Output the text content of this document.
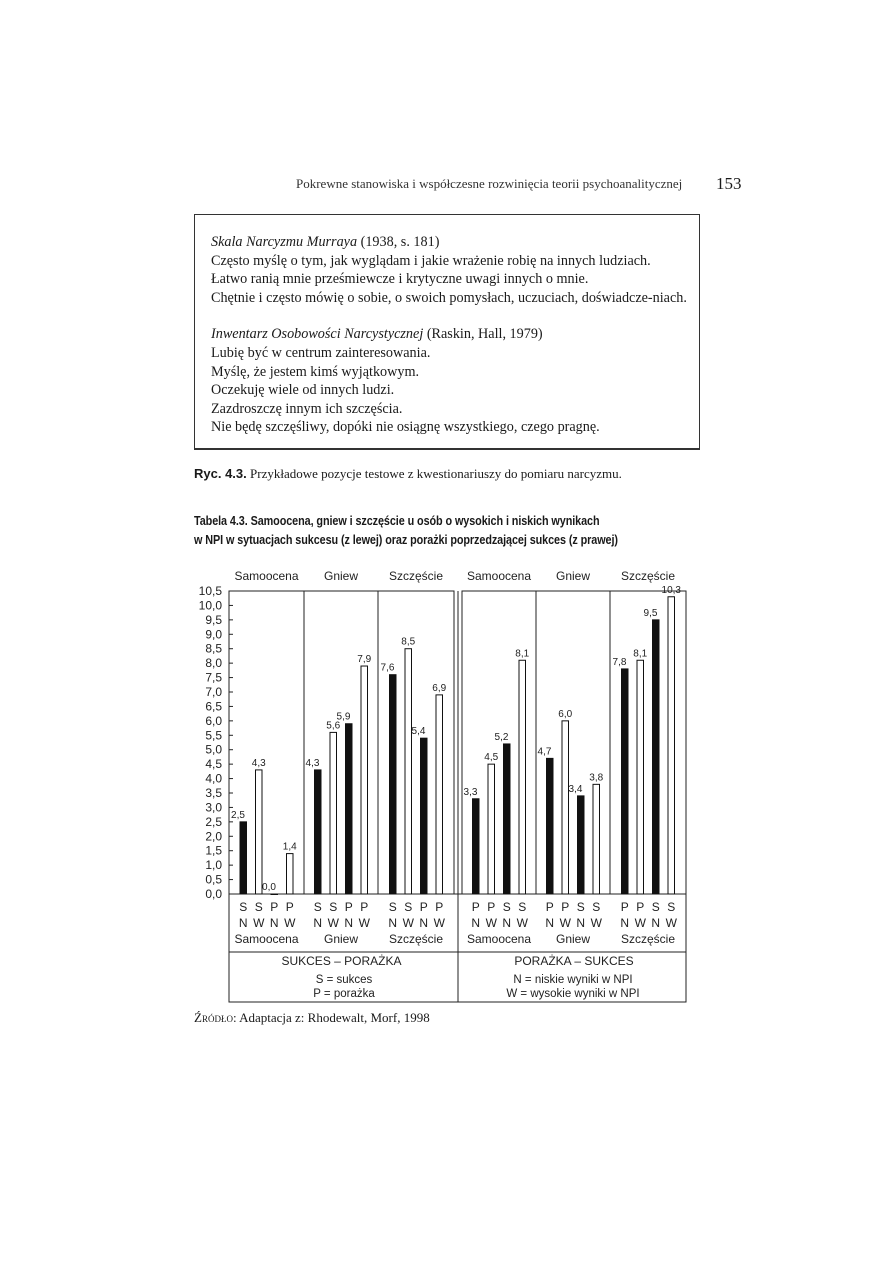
Pokrewne stanowiska i współczesne rozwinięcia teorii psychoanalitycznej 153

Skala Narcyzmu Murraya (1938, s. 181)

Często myślę o tym, jak wyglądam i jakie wrażenie robię na innych ludziach.

Łatwo ranią mnie prześmiewcze i krytyczne uwagi innych o mnie.

Chętnie i często mówię o sobie, o swoich pomysłach, uczuciach, doświadcze-niach.

Inwentarz Osobowości Narcystycznej (Raskin, Hall, 1979)

Lubię być w centrum zainteresowania.

Myślę, że jestem kimś wyjątkowym.

Oczekuję wiele od innych ludzi.

Zazdroszczę innym ich szczęścia.

Nie będę szczęśliwy, dopóki nie osiągnę wszystkiego, czego pragnę.

Ryc. 4.3. Przykładowe pozycje testowe z kwestionariuszy do pomiaru narcyzmu.
Tabela 4.3. Samoocena, gniew i szczęście u osób o wysokich i niskich wynikach
w NPI w sytuacjach sukcesu (z lewej) oraz porażki poprzedzającej sukces (z prawej)
0,0
0,5
1,0
1,5
2,0
2,5
3,0
3,5
4,0
4,5
5,0
5,5
6,0
6,5
7,0
7,5
8,0
8,5
9,0
9,5
10,0
10,5
Samoocena
Samoocena
2,5
S
N
4,3
S
W
0,0
P
N
1,4
P
W
Gniew
Gniew
4,3
S
N
5,6
S
W
5,9
P
N
7,9
P
W
Szczęście
Szczęście
7,6
S
N
8,5
S
W
5,4
P
N
6,9
P
W
SUKCES – PORAŻKA
Samoocena
Samoocena
3,3
P
N
4,5
P
W
5,2
S
N
8,1
S
W
Gniew
Gniew
4,7
P
N
6,0
P
W
3,4
S
N
3,8
S
W
Szczęście
Szczęście
7,8
P
N
8,1
P
W
9,5
S
N
10,3
S
W
PORAŻKA – SUKCES
S = sukces
P = porażka
N = niskie wyniki w NPI
W = wysokie wyniki w NPI
Źródło: Adaptacja z: Rhodewalt, Morf, 1998
